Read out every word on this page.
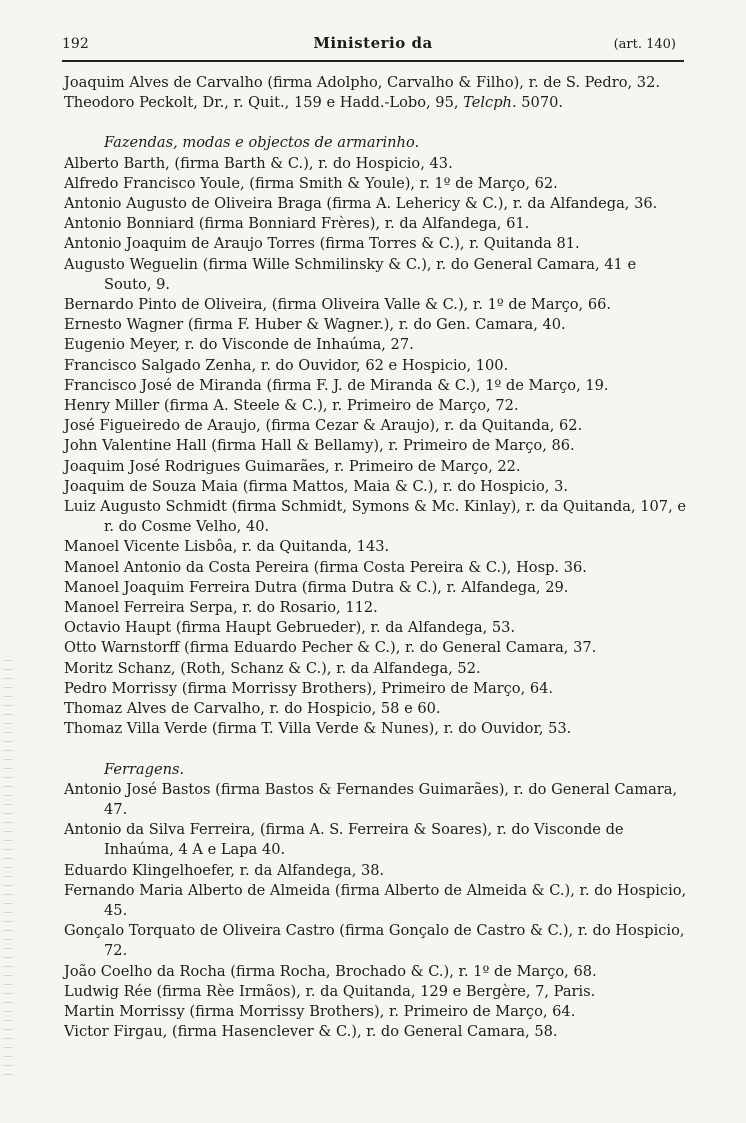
192	Ministerio da	(art. 140)

Joaquim Alves de Carvalho (firma Adolpho, Carvalho & Filho), r. de S. Pedro, 32.

Theodoro Peckolt, Dr., r. Quit., 159 e Hadd.-Lobo, 95, Telcph. 5070.

Fazendas, modas e objectos de armarinho.

Alberto Barth, (firma Barth & C.), r. do Hospicio, 43.

Alfredo Francisco Youle, (firma Smith & Youle), r. 1º de Março, 62.

Antonio Augusto de Oliveira Braga (firma A. Lehericy & C.), r. da Alfandega, 36.

Antonio Bonniard (firma Bonniard Frères), r. da Alfandega, 61.

Antonio Joaquim de Araujo Torres (firma Torres & C.), r. Quitanda 81.

Augusto Weguelin (firma Wille Schmilinsky & C.), r. do General Camara, 41 e Souto, 9.

Bernardo Pinto de Oliveira, (firma Oliveira Valle & C.), r. 1º de Março, 66.

Ernesto Wagner (firma F. Huber & Wagner.), r. do Gen. Camara, 40.

Eugenio Meyer, r. do Visconde de Inhaúma, 27.

Francisco Salgado Zenha, r. do Ouvidor, 62 e Hospicio, 100.

Francisco José de Miranda (firma F. J. de Miranda & C.), 1º de Março, 19.

Henry Miller (firma A. Steele & C.), r. Primeiro de Março, 72.

José Figueiredo de Araujo, (firma Cezar & Araujo), r. da Quitanda, 62.

John Valentine Hall (firma Hall & Bellamy), r. Primeiro de Março, 86.

Joaquim José Rodrigues Guimarães, r. Primeiro de Março, 22.

Joaquim de Souza Maia (firma Mattos, Maia & C.), r. do Hospicio, 3.

Luiz Augusto Schmidt (firma Schmidt, Symons & Mc. Kinlay), r. da Quitanda, 107, e r. do Cosme Velho, 40.

Manoel Vicente Lisbôa, r. da Quitanda, 143.

Manoel Antonio da Costa Pereira (firma Costa Pereira & C.), Hosp. 36.

Manoel Joaquim Ferreira Dutra (firma Dutra & C.), r. Alfandega, 29.

Manoel Ferreira Serpa, r. do Rosario, 112.

Octavio Haupt (firma Haupt Gebrueder), r. da Alfandega, 53.

Otto Warnstorff (firma Eduardo Pecher & C.), r. do General Camara, 37.

Moritz Schanz, (Roth, Schanz & C.), r. da Alfandega, 52.

Pedro Morrissy (firma Morrissy Brothers), Primeiro de Março, 64.

Thomaz Alves de Carvalho, r. do Hospicio, 58 e 60.

Thomaz Villa Verde (firma T. Villa Verde & Nunes), r. do Ouvidor, 53.

Ferragens.

Antonio José Bastos (firma Bastos & Fernandes Guimarães), r. do General Camara, 47.

Antonio da Silva Ferreira, (firma A. S. Ferreira & Soares), r. do Visconde de Inhaúma, 4 A e Lapa 40.

Eduardo Klingelhoefer, r. da Alfandega, 38.

Fernando Maria Alberto de Almeida (firma Alberto de Almeida & C.), r. do Hospicio, 45.

Gonçalo Torquato de Oliveira Castro (firma Gonçalo de Castro & C.), r. do Hospicio, 72.

João Coelho da Rocha (firma Rocha, Brochado & C.), r. 1º de Março, 68.

Ludwig Rée (firma Rèe Irmãos), r. da Quitanda, 129 e Bergère, 7, Paris.

Martin Morrissy (firma Morrissy Brothers), r. Primeiro de Março, 64.

Victor Firgau, (firma Hasenclever & C.), r. do General Camara, 58.
